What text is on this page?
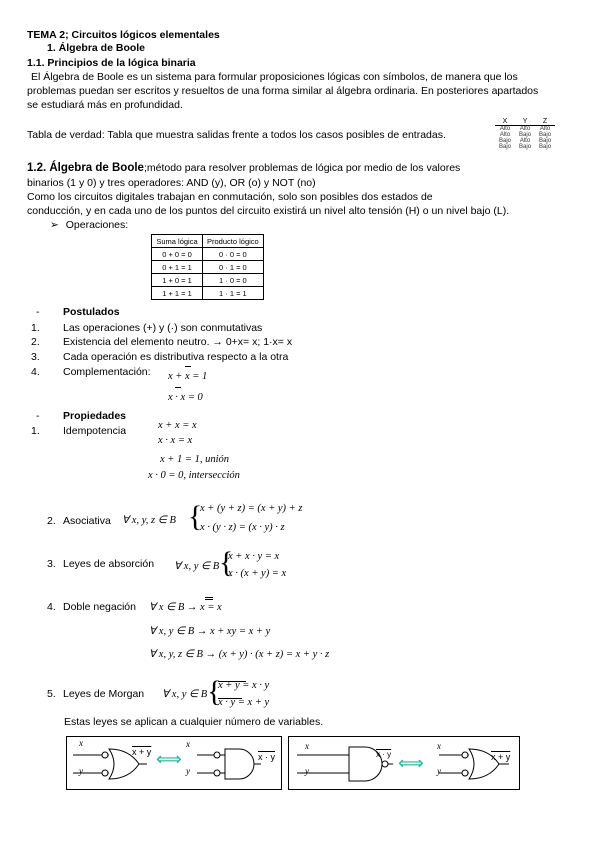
TEMA 2; Circuitos lógicos elementales
1. Álgebra de Boole
1.1. Principios de la lógica binaria
El Álgebra de Boole es un sistema para formular proposiciones lógicas con símbolos, de manera que los
problemas puedan ser escritos y resueltos de una forma similar al álgebra ordinaria. En posteriores apartados
se estudiará más en profundidad.
Tabla de verdad: Tabla que muestra salidas frente a todos los casos posibles de entradas.
X	Y	Z
Alto	Alto	Alto
Alto	Bajo	Bajo
Bajo	Alto	Bajo
Bajo	Bajo	Bajo
1.2. Álgebra de Boole;método para resolver problemas de lógica por medio de los valores
binarios (1 y 0) y tres operadores: AND (y), OR (o) y NOT (no)
Como los circuitos digitales trabajan en conmutación, solo son posibles dos estados de
conducción, y en cada uno de los puntos del circuito existirá un nivel alto tensión (H) o un nivel bajo (L).
➢ Operaciones:
Suma lógica	Producto lógico
0 + 0 = 0	0 · 0 = 0
0 + 1 = 1	0 · 1 = 0
1 + 0 = 1	1 · 0 = 0
1 + 1 = 1	1 · 1 = 1
- Postulados
1. Las operaciones (+) y (·) son conmutativas
2. Existencia del elemento neutro. → 0+x= x; 1·x= x
3. Cada operación es distributiva respecto a la otra
4. Complementación: x + x = 1
x · x = 0
- Propiedades
1. Idempotencia	x + x = x
x · x = x
x + 1 = 1, unión
x · 0 = 0, intersección
2. Asociativa ∀ x, y, z ∈ B {
x + (y + z) = (x + y) + z
x · (y · z) = (x · y) · z
3. Leyes de absorción ∀ x, y ∈ B {
x + x · y = x
x · (x + y) = x
4. Doble negación ∀ x ∈ B → x = x
∀ x, y ∈ B → x + xy = x + y
∀ x, y, z ∈ B → (x + y) · (x + z) = x + y · z
5. Leyes de Morgan ∀ x, y ∈ B {
x + y = x · y
x · y = x + y
Estas leyes se aplican a cualquier número de variables.
x
y
x + y ⟺
x
y
x · y
x
y
x · y ⟺
x
y
x + y
